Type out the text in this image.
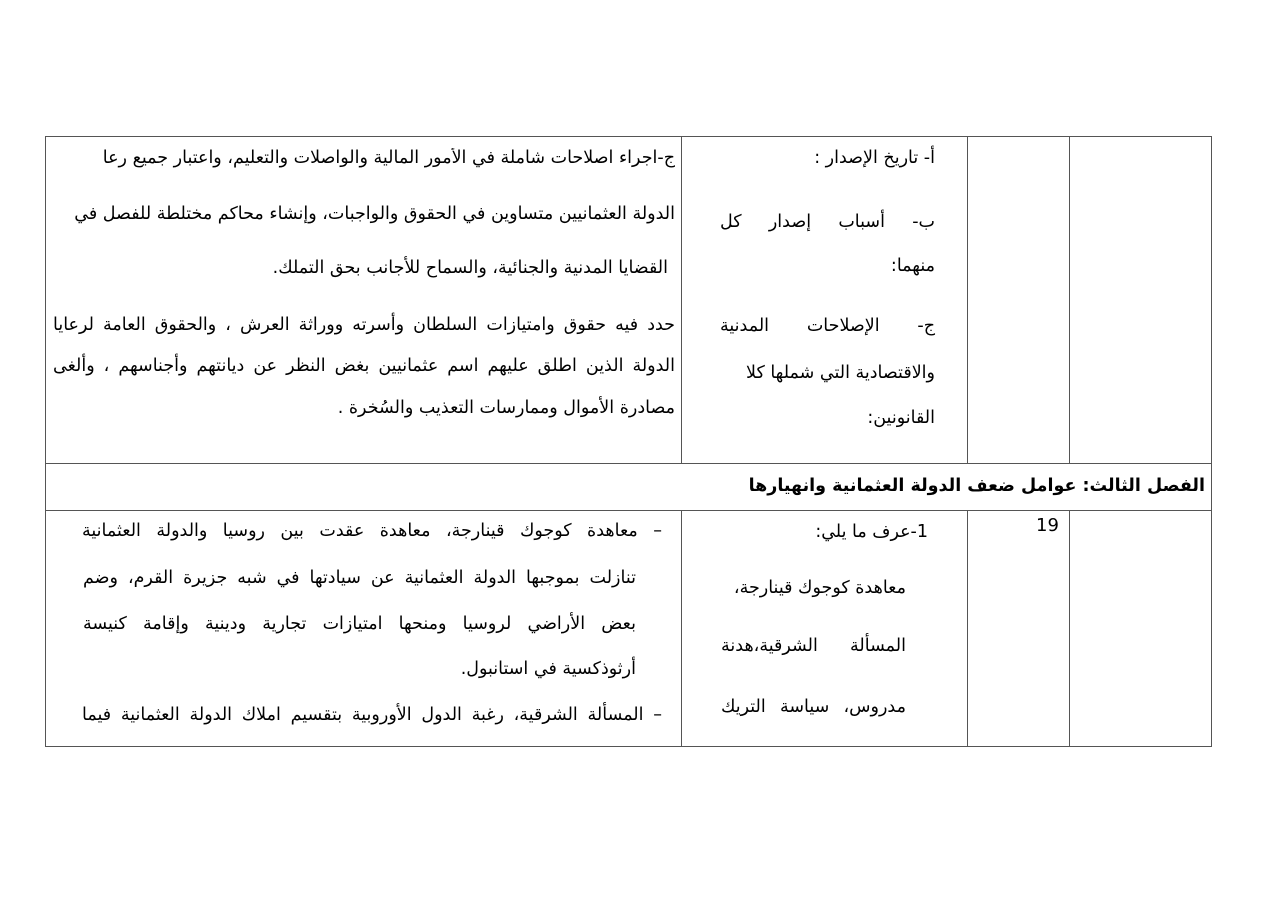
أ- تاريخ الإصدار :
ب- أسباب إصدار كل
منهما:
ج- الإصلاحات المدنية
والاقتصادية التي شملها كلا
القانونين:
ج-اجراء اصلاحات شاملة في الأمور المالية والواصلات والتعليم، واعتبار جميع رعا
الدولة العثمانيين متساوين في الحقوق والواجبات، وإنشاء محاكم مختلطة للفصل في
القضايا المدنية والجنائية، والسماح للأجانب بحق التملك.
حدد فيه حقوق وامتيازات السلطان وأسرته ووراثة العرش ، والحقوق العامة لرعايا
الدولة الذين اطلق عليهم اسم عثمانيين بغض النظر عن ديانتهم وأجناسهم ، وألغى
مصادرة الأموال وممارسات التعذيب والسُخرة .
الفصل الثالث: عوامل ضعف الدولة العثمانية وانهيارها
19
1-عرف ما يلي:
معاهدة كوجوك قينارجة،
المسألة الشرقية،هدنة
مدروس، سياسة التريك
– معاهدة كوجوك قينارجة، معاهدة عقدت بين روسيا والدولة العثمانية
تنازلت بموجبها الدولة العثمانية عن سيادتها في شبه جزيرة القرم، وضم
بعض الأراضي لروسيا ومنحها امتيازات تجارية ودينية وإقامة كنيسة
أرثوذكسية في استانبول.
– المسألة الشرقية، رغبة الدول الأوروبية بتقسيم املاك الدولة العثمانية فيما
